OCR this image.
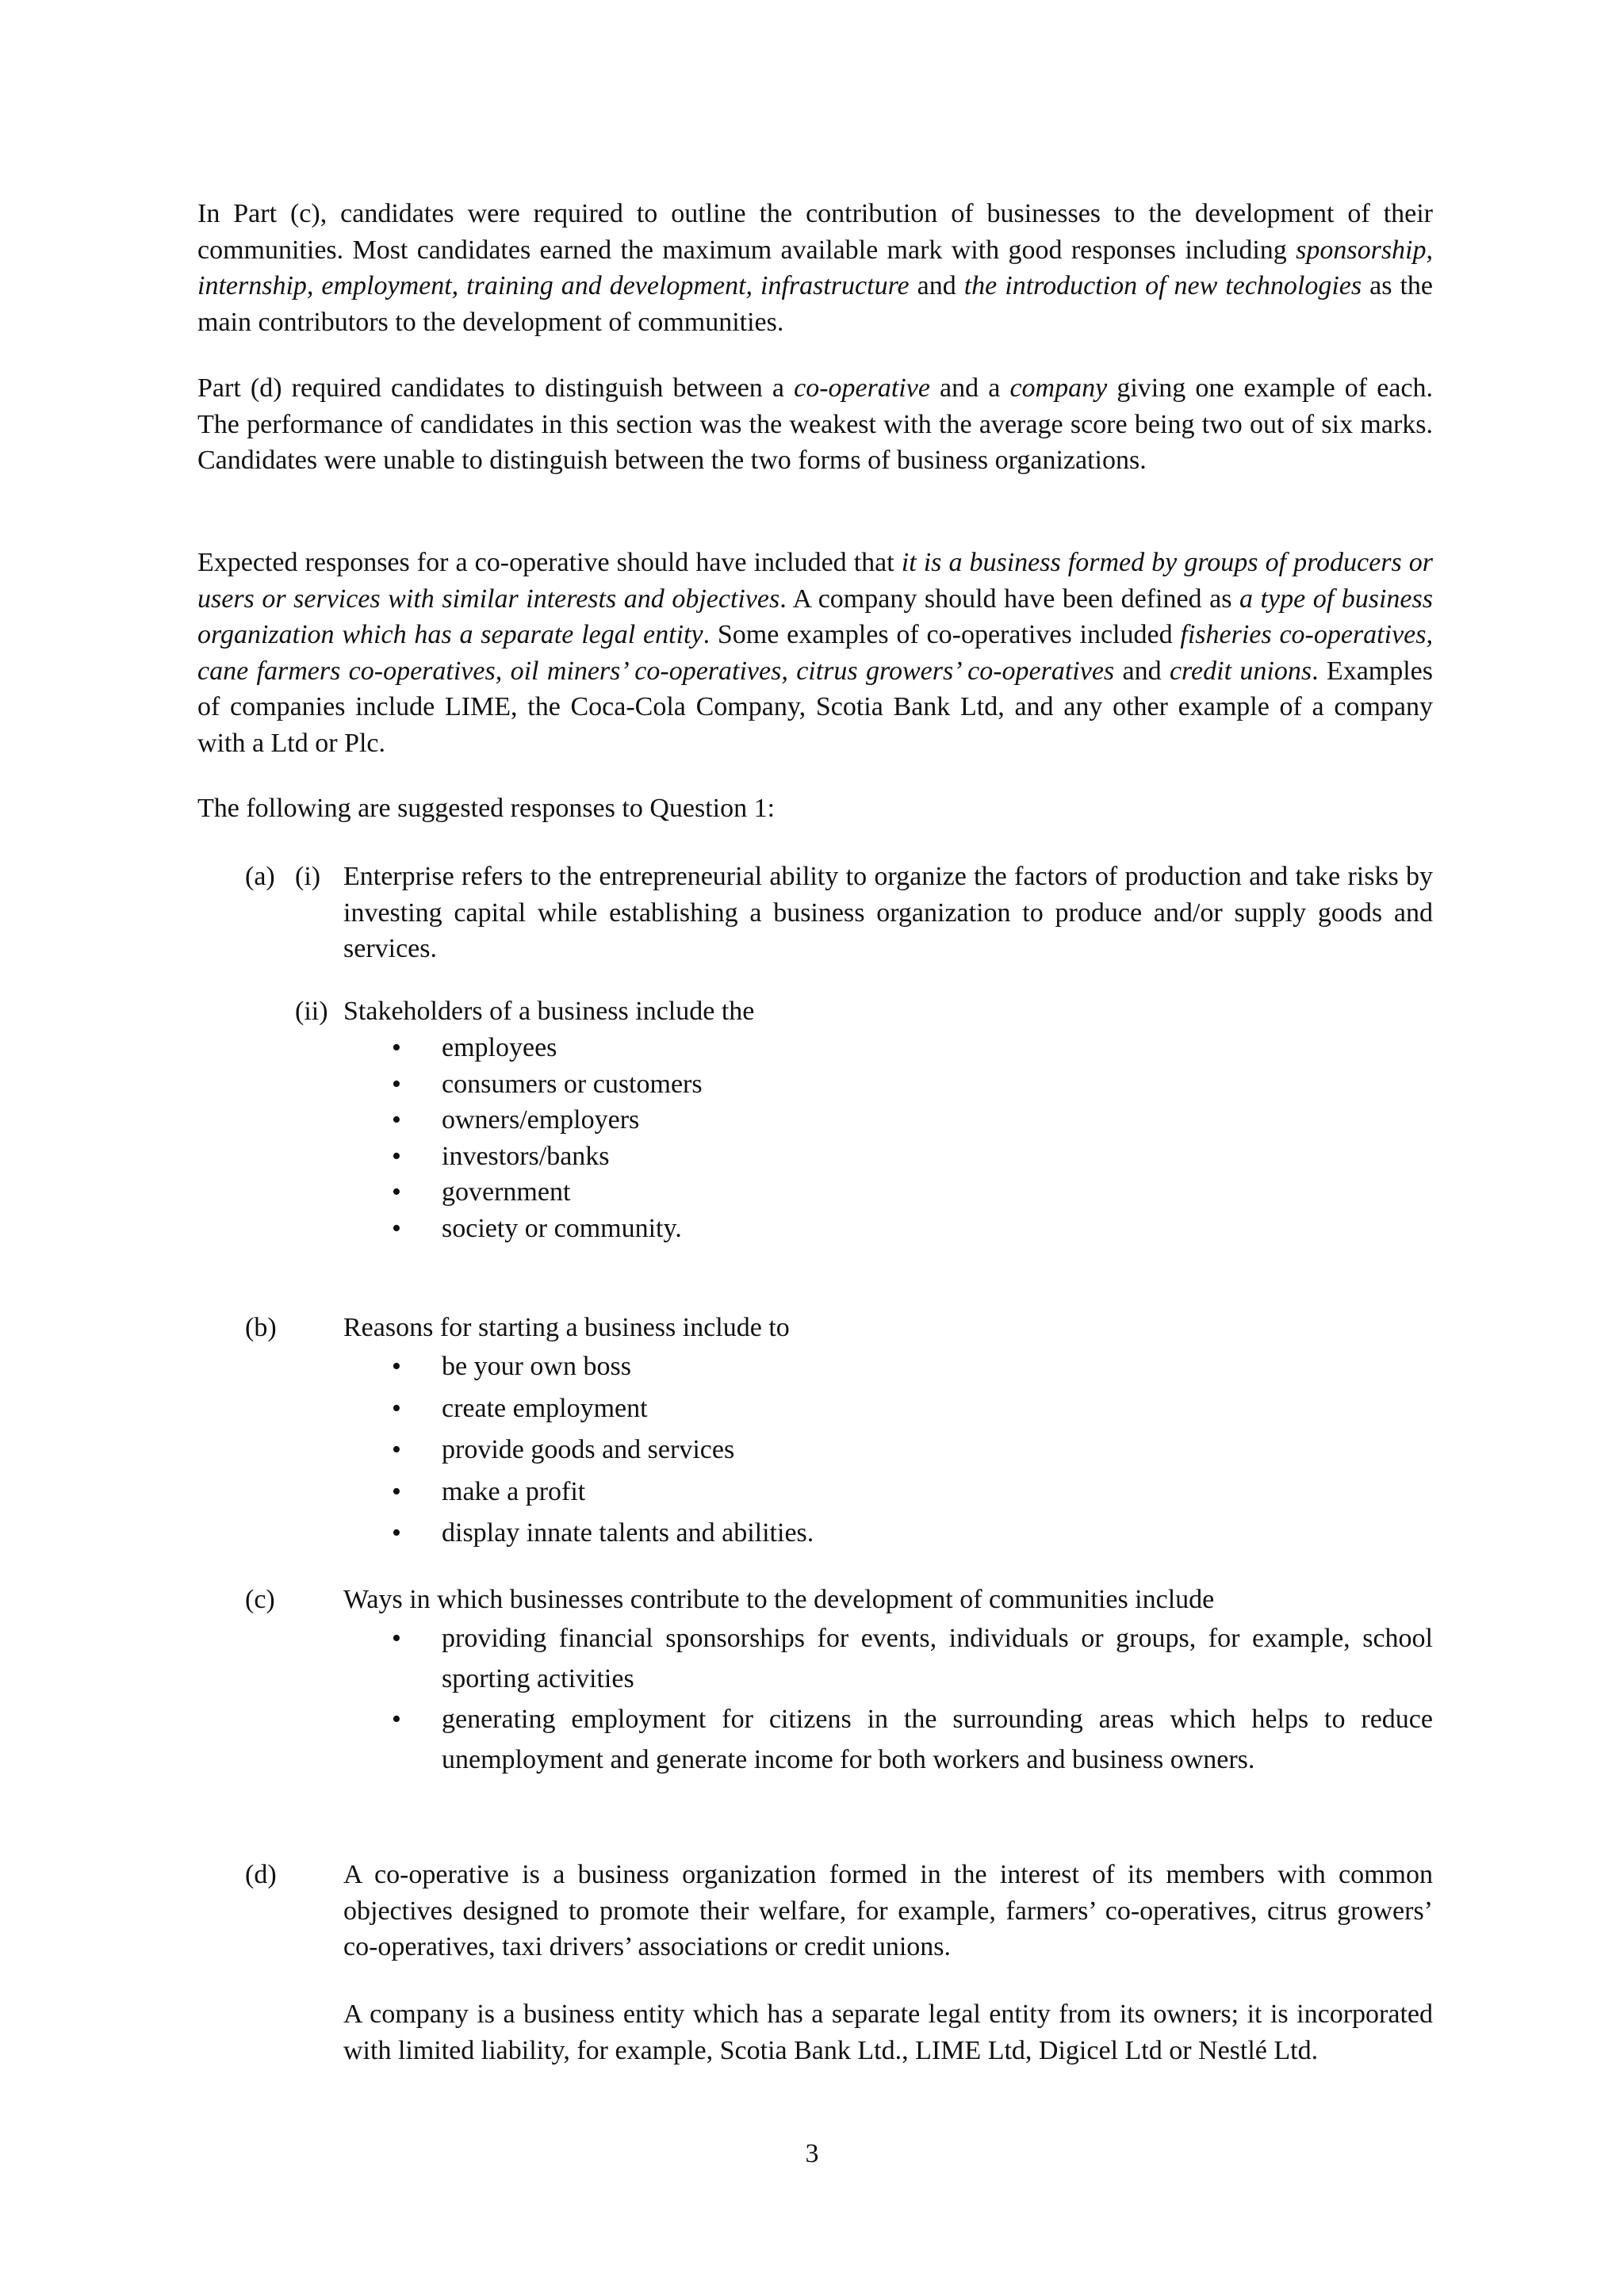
In Part (c), candidates were required to outline the contribution of businesses to the development of their communities. Most candidates earned the maximum available mark with good responses including sponsorship, internship, employment, training and development, infrastructure and the introduction of new technologies as the main contributors to the development of communities.

Part (d) required candidates to distinguish between a co-operative and a company giving one example of each. The performance of candidates in this section was the weakest with the average score being two out of six marks. Candidates were unable to distinguish between the two forms of business organizations.

Expected responses for a co-operative should have included that it is a business formed by groups of producers or users or services with similar interests and objectives. A company should have been defined as a type of business organization which has a separate legal entity. Some examples of co-operatives included fisheries co-operatives, cane farmers co-operatives, oil miners’ co-operatives, citrus growers’ co-operatives and credit unions. Examples of companies include LIME, the Coca-Cola Company, Scotia Bank Ltd, and any other example of a company with a Ltd or Plc.

The following are suggested responses to Question 1:

(a) (i) Enterprise refers to the entrepreneurial ability to organize the factors of production and take risks by investing capital while establishing a business organization to produce and/or supply goods and services.

(ii) Stakeholders of a business include the

• employees
• consumers or customers
• owners/employers
• investors/banks
• government
• society or community.

(b) Reasons for starting a business include to

• be your own boss
• create employment
• provide goods and services
• make a profit
• display innate talents and abilities.

(c)	Ways in which businesses contribute to the development of communities include

• providing financial sponsorships for events, individuals or groups, for example, school sporting activities
• generating employment for citizens in the surrounding areas which helps to reduce unemployment and generate income for both workers and business owners.

(d) A co-operative is a business organization formed in the interest of its members with common objectives designed to promote their welfare, for example, farmers’ co-operatives, citrus growers’ co-operatives, taxi drivers’ associations or credit unions.

A company is a business entity which has a separate legal entity from its owners; it is incorporated with limited liability, for example, Scotia Bank Ltd., LIME Ltd, Digicel Ltd or Nestlé Ltd.

3
